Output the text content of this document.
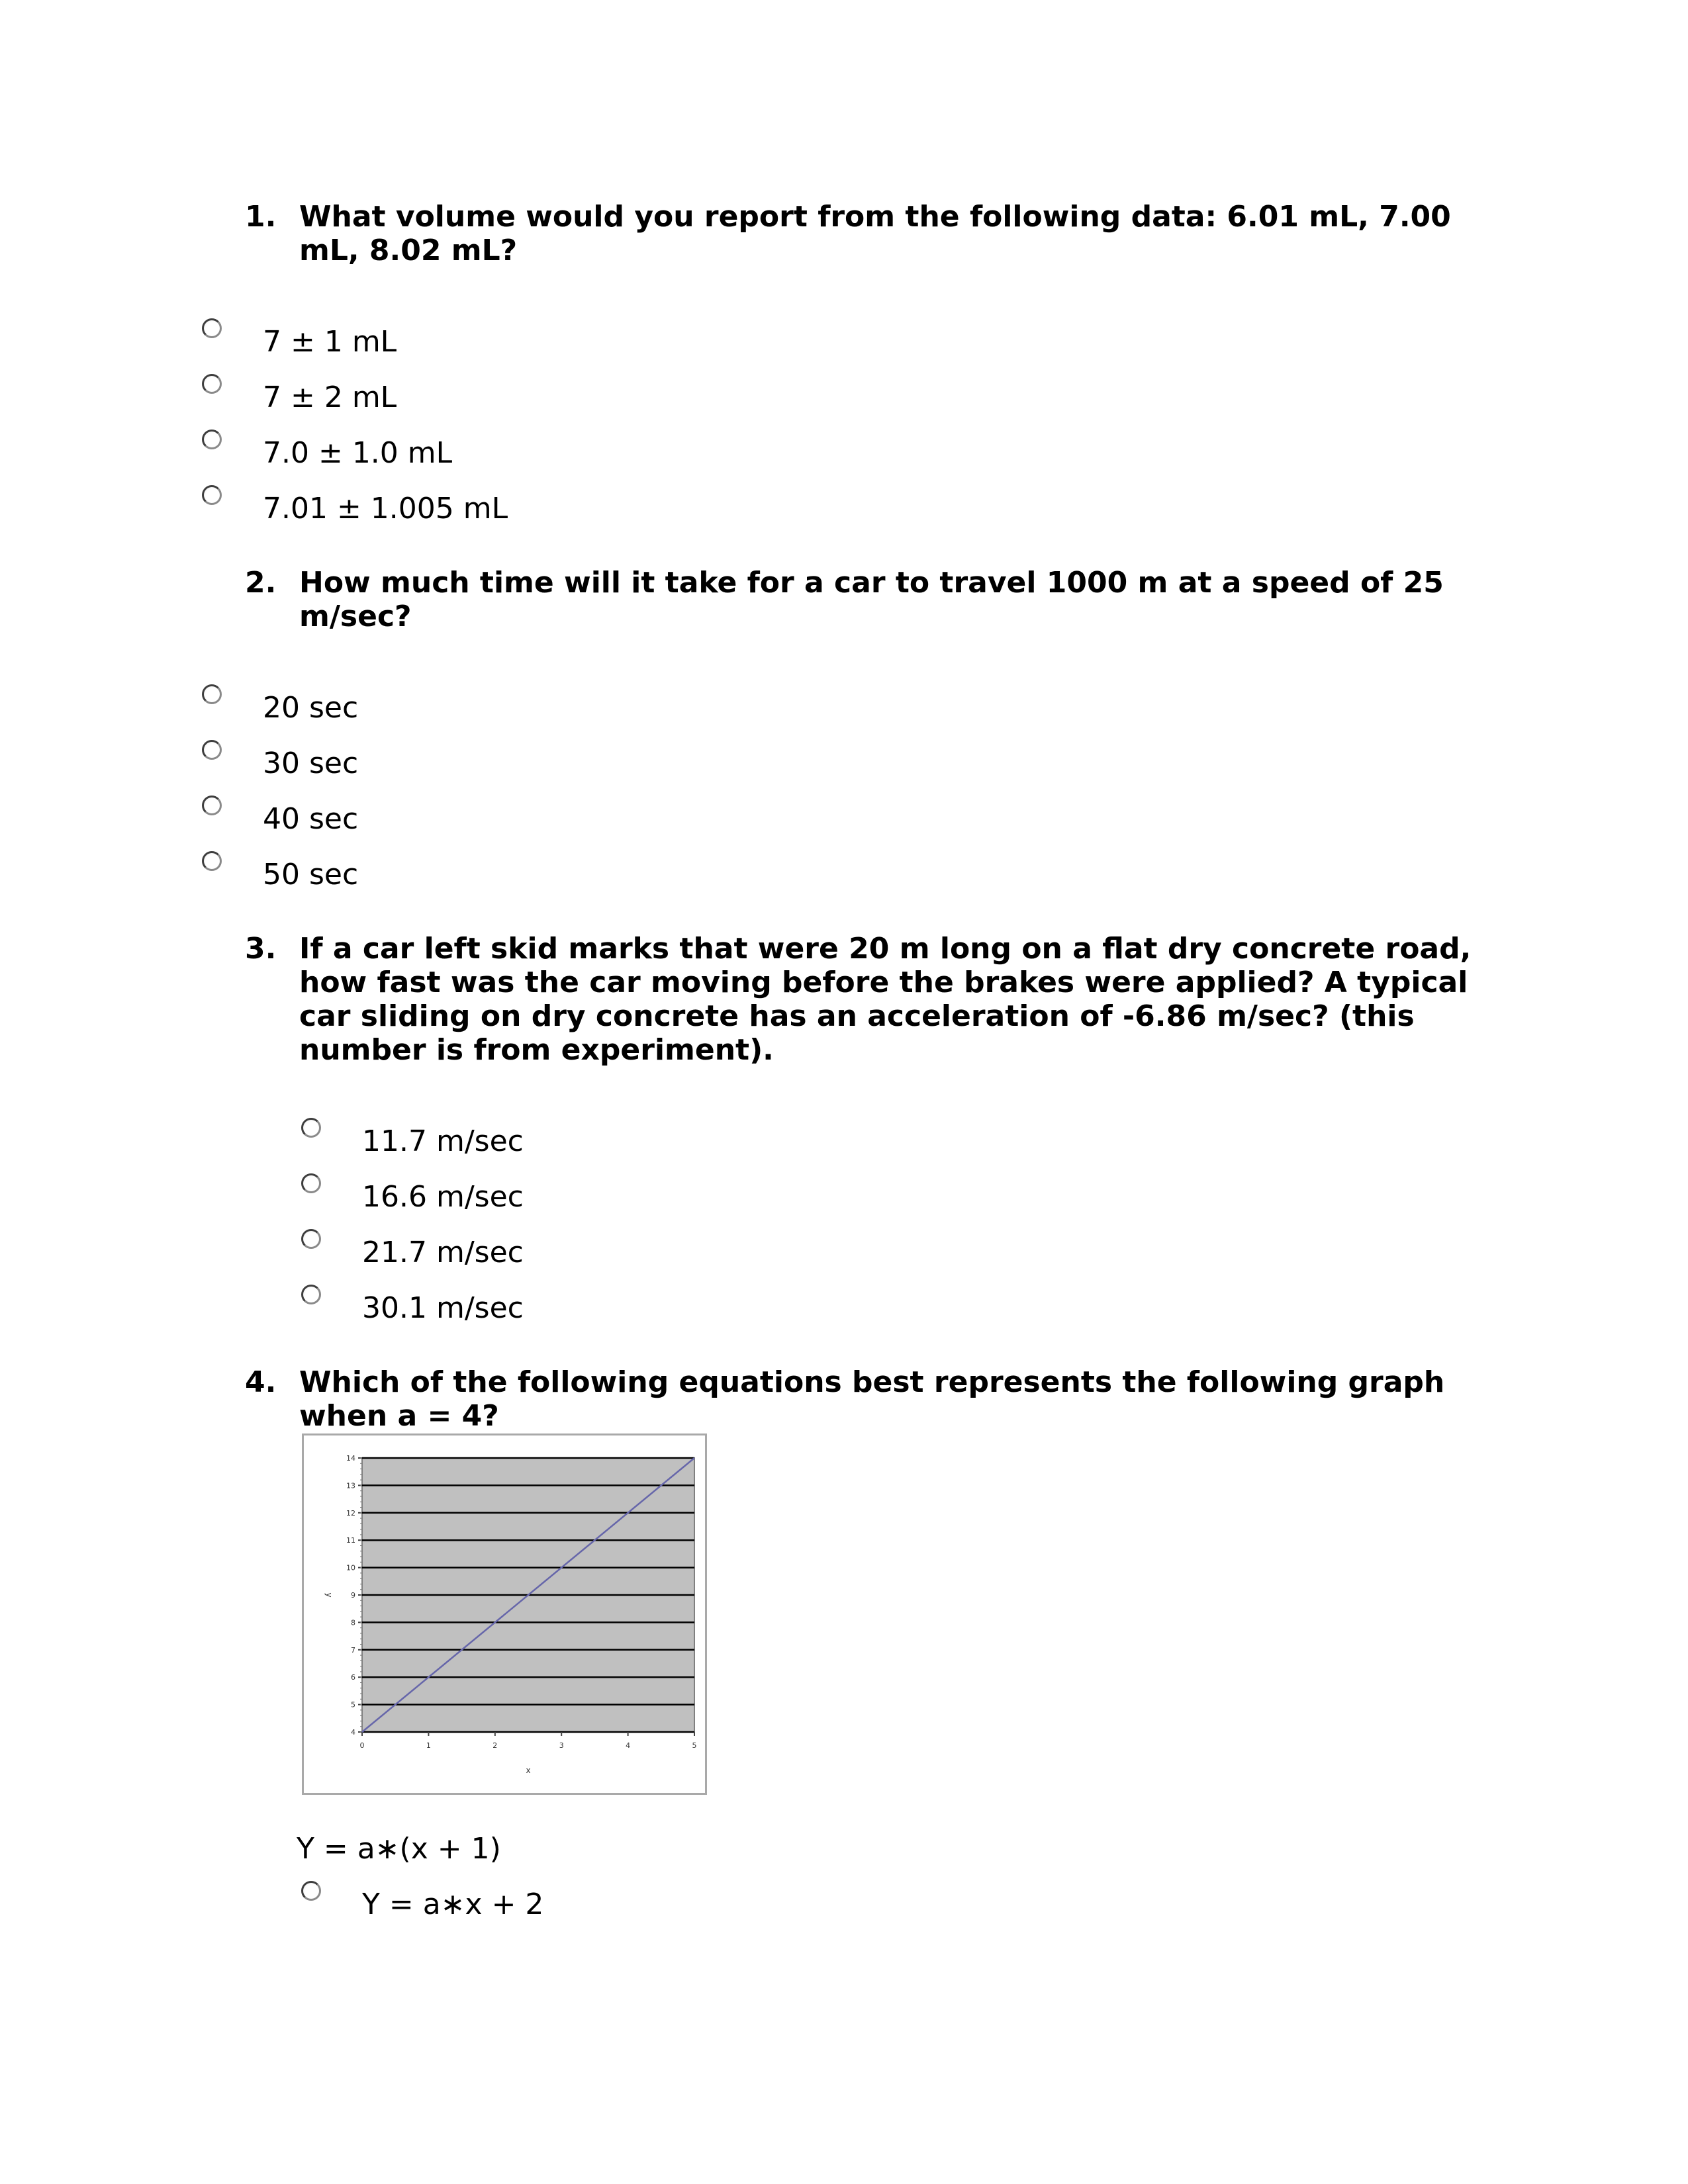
1. What volume would you report from the following data: 6.01 mL, 7.00 mL, 8.02 mL?
7 ± 1 mL
7 ± 2 mL
7.0 ± 1.0 mL
7.01 ± 1.005 mL
2. How much time will it take for a car to travel 1000 m at a speed of 25 m/sec?
20 sec
30 sec
40 sec
50 sec
3. If a car left skid marks that were 20 m long on a flat dry concrete road, how fast was the car moving before the brakes were applied? A typical car sliding on dry concrete has an acceleration of -6.86 m/sec? (this number is from experiment).
11.7 m/sec
16.6 m/sec
21.7 m/sec
30.1 m/sec
4. Which of the following equations best represents the following graph when a = 4?
4
5
6
7
8
9
10
11
12
13
14
0	1	2	3	4	5
x
y
Y = a∗(x + 1)
Y = a∗x + 2
